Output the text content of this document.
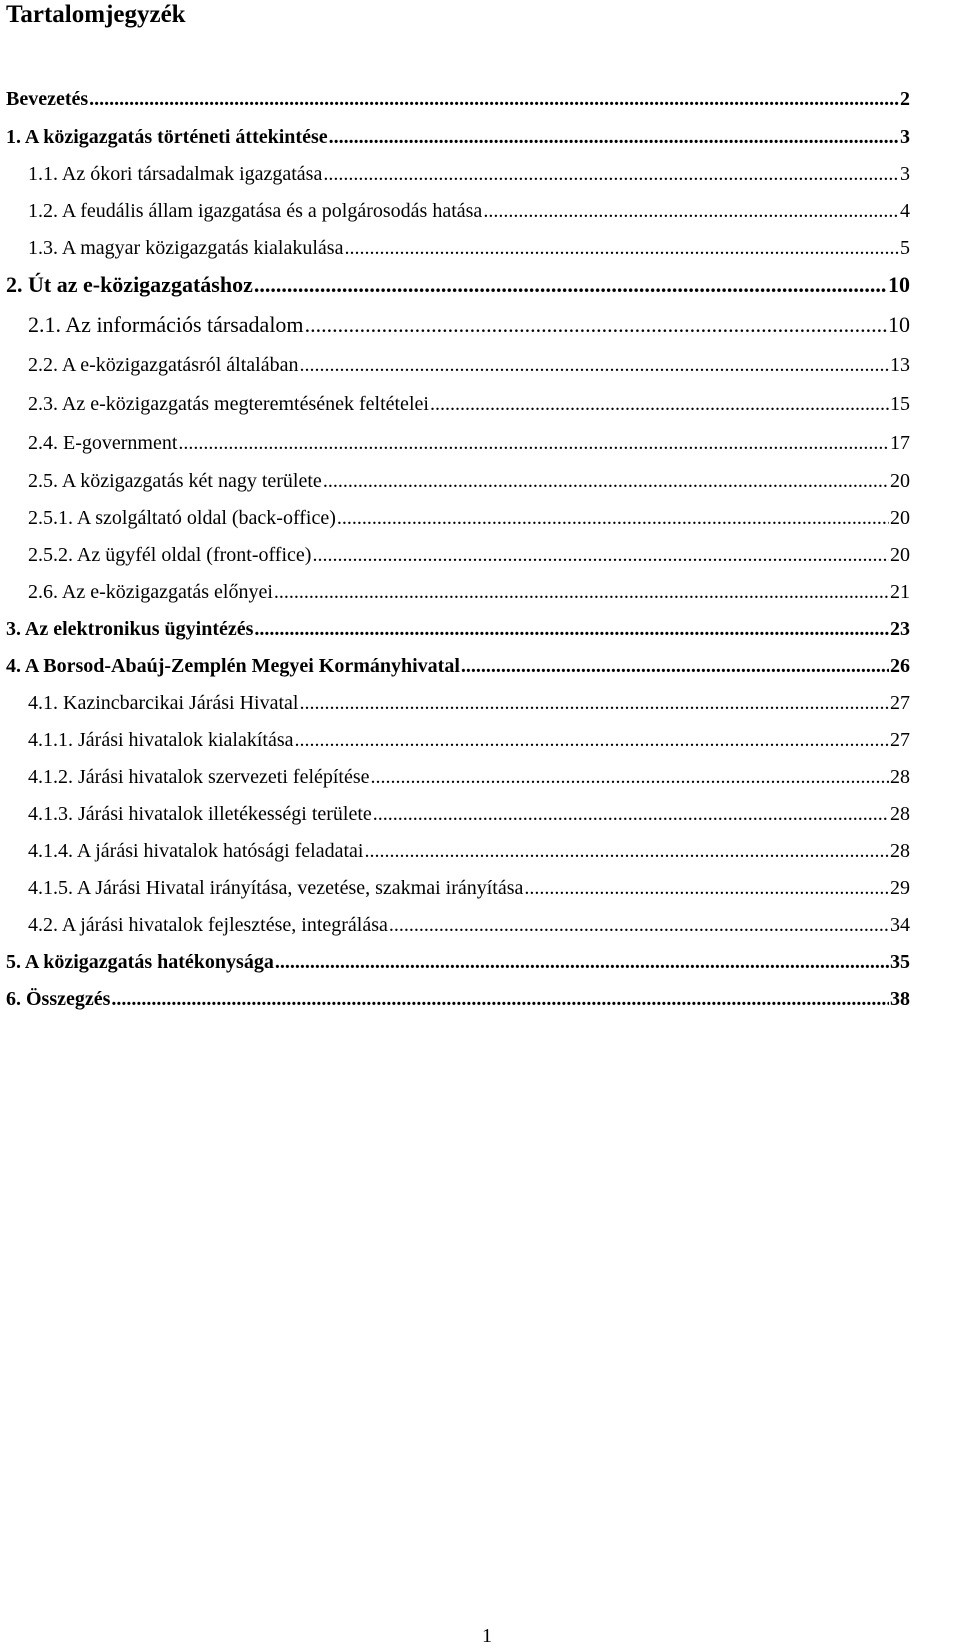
Tartalomjegyzék
Bevezetés .....	2
1. A közigazgatás történeti áttekintése .....	3
1.1. Az ókori társadalmak igazgatása .....	3
1.2. A feudális állam igazgatása és a polgárosodás hatása .....	4
1.3. A magyar közigazgatás kialakulása .....	5
2. Út az e-közigazgatáshoz .....	10
2.1. Az információs társadalom .....	10
2.2. A e-közigazgatásról általában .....	13
2.3. Az e-közigazgatás megteremtésének feltételei .....	15
2.4. E-government .....	17
2.5. A közigazgatás két nagy területe .....	20
2.5.1. A szolgáltató oldal (back-office) .....	20
2.5.2. Az ügyfél oldal (front-office) .....	20
2.6. Az e-közigazgatás előnyei .....	21
3. Az elektronikus ügyintézés .....	23
4. A Borsod-Abaúj-Zemplén Megyei Kormányhivatal .....	26
4.1. Kazincbarcikai Járási Hivatal .....	27
4.1.1. Járási hivatalok kialakítása .....	27
4.1.2. Járási hivatalok szervezeti felépítése .....	28
4.1.3. Járási hivatalok illetékességi területe .....	28
4.1.4. A járási hivatalok hatósági feladatai .....	28
4.1.5. A Járási Hivatal irányítása, vezetése, szakmai irányítása .....	29
4.2. A járási hivatalok fejlesztése, integrálása .....	34
5. A közigazgatás hatékonysága .....	35
6. Összegzés .....	38
1
